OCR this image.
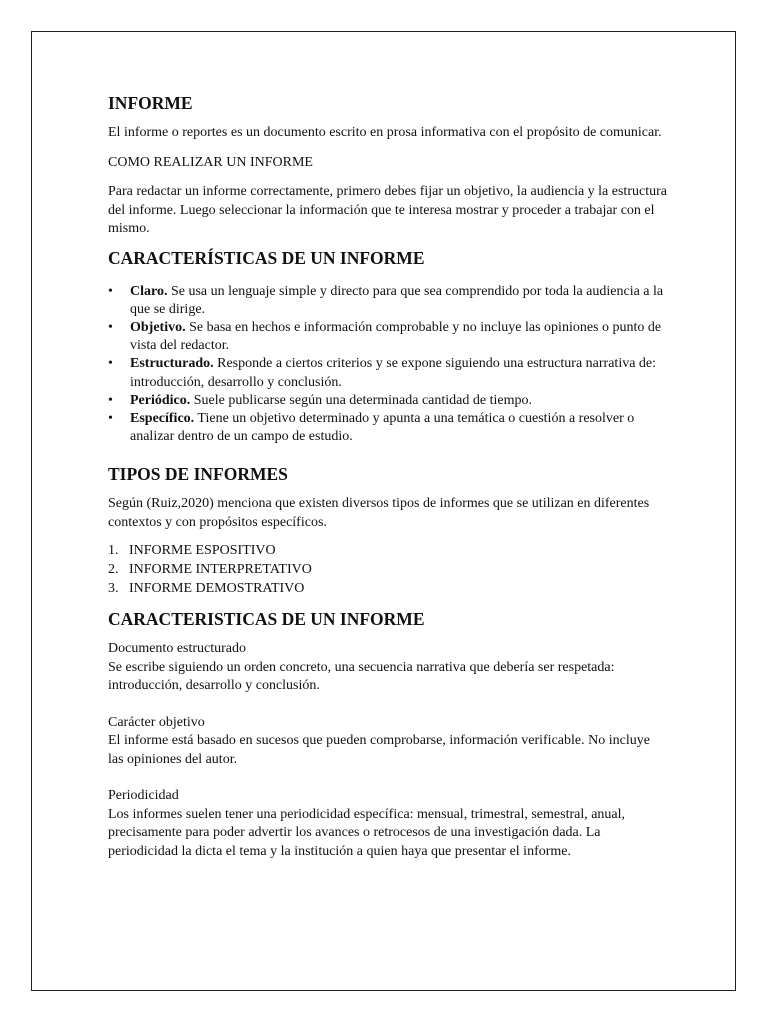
INFORME

El informe o reportes es un documento escrito en prosa informativa con el propósito de comunicar.

COMO REALIZAR UN INFORME

Para redactar un informe correctamente, primero debes fijar un objetivo, la audiencia y la estructura del informe. Luego seleccionar la información que te interesa mostrar y proceder a trabajar con el mismo.

CARACTERÍSTICAS DE UN INFORME
• Claro. Se usa un lenguaje simple y directo para que sea comprendido por toda la audiencia a la que se dirige.
• Objetivo. Se basa en hechos e información comprobable y no incluye las opiniones o punto de vista del redactor.
• Estructurado. Responde a ciertos criterios y se expone siguiendo una estructura narrativa de: introducción, desarrollo y conclusión.
• Periódico. Suele publicarse según una determinada cantidad de tiempo.
• Específico. Tiene un objetivo determinado y apunta a una temática o cuestión a resolver o analizar dentro de un campo de estudio.
TIPOS DE INFORMES

Según (Ruiz,2020) menciona que existen diversos tipos de informes que se utilizan en diferentes contextos y con propósitos específicos.

1. INFORME ESPOSITIVO
2. INFORME INTERPRETATIVO
3. INFORME DEMOSTRATIVO
CARACTERISTICAS DE UN INFORME

Documento estructurado

Se escribe siguiendo un orden concreto, una secuencia narrativa que debería ser respetada: introducción, desarrollo y conclusión.

Carácter objetivo

El informe está basado en sucesos que pueden comprobarse, información verificable. No incluye las opiniones del autor.

Periodicidad

Los informes suelen tener una periodicidad específica: mensual, trimestral, semestral, anual, precisamente para poder advertir los avances o retrocesos de una investigación dada. La periodicidad la dicta el tema y la institución a quien haya que presentar el informe.
